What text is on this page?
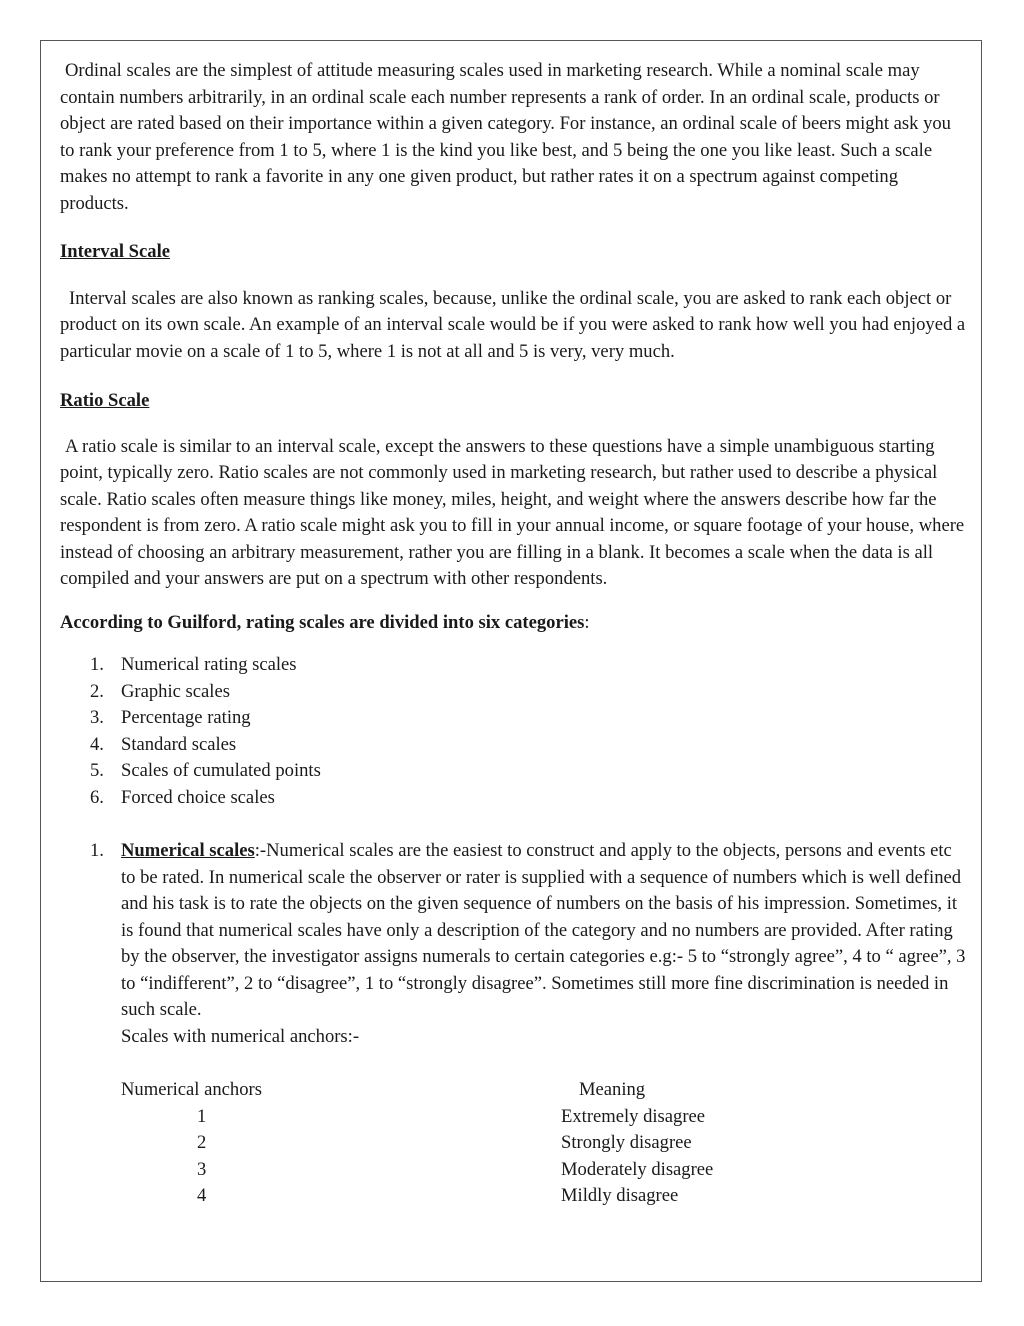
Ordinal scales are the simplest of attitude measuring scales used in marketing research. While a nominal scale may contain numbers arbitrarily, in an ordinal scale each number represents a rank of order. In an ordinal scale, products or object are rated based on their importance within a given category. For instance, an ordinal scale of beers might ask you to rank your preference from 1 to 5, where 1 is the kind you like best, and 5 being the one you like least. Such a scale makes no attempt to rank a favorite in any one given product, but rather rates it on a spectrum against competing products.

Interval Scale

Interval scales are also known as ranking scales, because, unlike the ordinal scale, you are asked to rank each object or product on its own scale. An example of an interval scale would be if you were asked to rank how well you had enjoyed a particular movie on a scale of 1 to 5, where 1 is not at all and 5 is very, very much.

Ratio Scale

A ratio scale is similar to an interval scale, except the answers to these questions have a simple unambiguous starting point, typically zero. Ratio scales are not commonly used in marketing research, but rather used to describe a physical scale. Ratio scales often measure things like money, miles, height, and weight where the answers describe how far the respondent is from zero. A ratio scale might ask you to fill in your annual income, or square footage of your house, where instead of choosing an arbitrary measurement, rather you are filling in a blank. It becomes a scale when the data is all compiled and your answers are put on a spectrum with other respondents.

According to Guilford, rating scales are divided into six categories:

1. Numerical rating scales
2. Graphic scales
3. Percentage rating
4. Standard scales
5. Scales of cumulated points
6. Forced choice scales
1. Numerical scales:-Numerical scales are the easiest to construct and apply to the objects, persons and events etc to be rated. In numerical scale the observer or rater is supplied with a sequence of numbers which is well defined and his task is to rate the objects on the given sequence of numbers on the basis of his impression. Sometimes, it is found that numerical scales have only a description of the category and no numbers are provided. After rating by the observer, the investigator assigns numerals to certain categories e.g:- 5 to “strongly agree”, 4 to “ agree”, 3 to “indifferent”, 2 to “disagree”, 1 to “strongly disagree”. Sometimes still more fine discrimination is needed in such scale.

Scales with numerical anchors:-

Numerical anchors	Meaning
1	Extremely disagree
2	Strongly disagree
3	Moderately disagree
4	Mildly disagree
